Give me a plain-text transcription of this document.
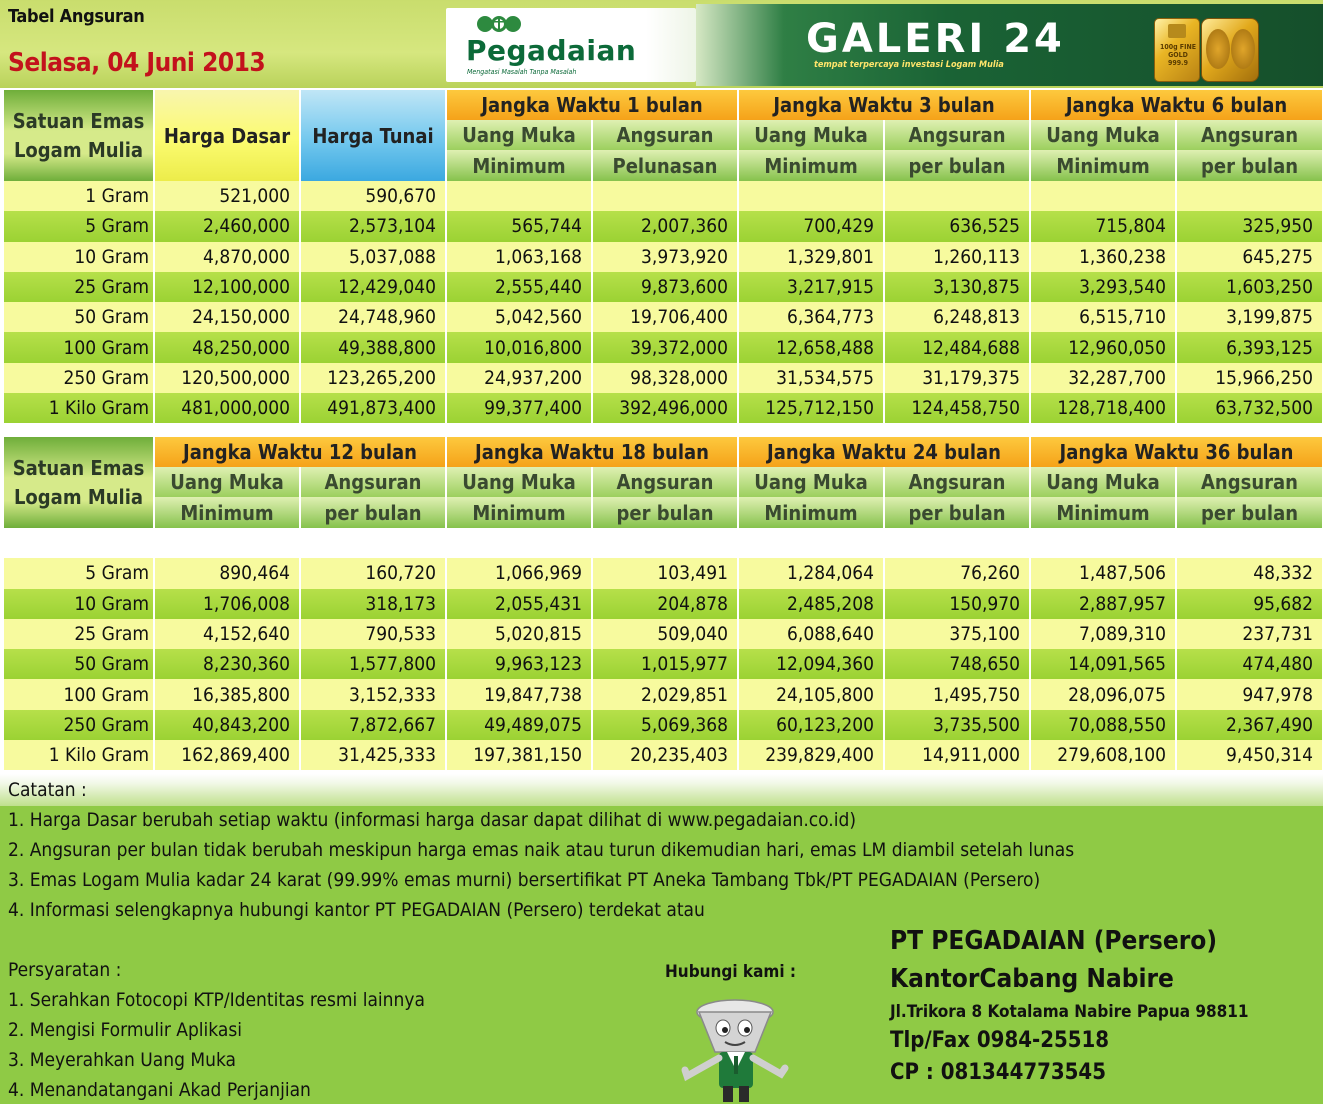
Tabel Angsuran
Selasa, 04 Juni 2013	Pegadaian
Mengatasi Masalah Tanpa Masalah
GALERI 24
tempat terpercaya investasi Logam Mulia
100g FINE GOLD 999.9
Satuan Emas
Logam Mulia	Harga Dasar	Harga Tunai	Jangka Waktu 1 bulan		Jangka Waktu 3 bulan		Jangka Waktu 6 bulan	
			Uang Muka	Angsuran	Uang Muka	Angsuran	Uang Muka	Angsuran
			Minimum	Pelunasan	Minimum	per bulan	Minimum	per bulan
1 Gram	521,000	590,670						
5 Gram	2,460,000	2,573,104	565,744	2,007,360	700,429	636,525	715,804	325,950
10 Gram	4,870,000	5,037,088	1,063,168	3,973,920	1,329,801	1,260,113	1,360,238	645,275
25 Gram	12,100,000	12,429,040	2,555,440	9,873,600	3,217,915	3,130,875	3,293,540	1,603,250
50 Gram	24,150,000	24,748,960	5,042,560	19,706,400	6,364,773	6,248,813	6,515,710	3,199,875
100 Gram	48,250,000	49,388,800	10,016,800	39,372,000	12,658,488	12,484,688	12,960,050	6,393,125
250 Gram	120,500,000	123,265,200	24,937,200	98,328,000	31,534,575	31,179,375	32,287,700	15,966,250
1 Kilo Gram	481,000,000	491,873,400	99,377,400	392,496,000	125,712,150	124,458,750	128,718,400	63,732,500
Satuan Emas
Logam Mulia	Jangka Waktu 12 bulan		Jangka Waktu 18 bulan		Jangka Waktu 24 bulan		Jangka Waktu 36 bulan	
	Uang Muka	Angsuran	Uang Muka	Angsuran	Uang Muka	Angsuran	Uang Muka	Angsuran
	Minimum	per bulan	Minimum	per bulan	Minimum	per bulan	Minimum	per bulan

5 Gram	890,464	160,720	1,066,969	103,491	1,284,064	76,260	1,487,506	48,332
10 Gram	1,706,008	318,173	2,055,431	204,878	2,485,208	150,970	2,887,957	95,682
25 Gram	4,152,640	790,533	5,020,815	509,040	6,088,640	375,100	7,089,310	237,731
50 Gram	8,230,360	1,577,800	9,963,123	1,015,977	12,094,360	748,650	14,091,565	474,480
100 Gram	16,385,800	3,152,333	19,847,738	2,029,851	24,105,800	1,495,750	28,096,075	947,978
250 Gram	40,843,200	7,872,667	49,489,075	5,069,368	60,123,200	3,735,500	70,088,550	2,367,490
1 Kilo Gram	162,869,400	31,425,333	197,381,150	20,235,403	239,829,400	14,911,000	279,608,100	9,450,314
Catatan :
1. Harga Dasar berubah setiap waktu (informasi harga dasar dapat dilihat di www.pegadaian.co.id)
2. Angsuran per bulan tidak berubah meskipun harga emas naik atau turun dikemudian hari, emas LM diambil setelah lunas
3. Emas Logam Mulia kadar 24 karat (99.99% emas murni) bersertifikat PT Aneka Tambang Tbk/PT PEGADAIAN (Persero)
4. Informasi selengkapnya hubungi kantor PT PEGADAIAN (Persero) terdekat atau
Persyaratan :
1. Serahkan Fotocopi KTP/Identitas resmi lainnya
2. Mengisi Formulir Aplikasi
3. Meyerahkan Uang Muka
4. Menandatangani Akad Perjanjian
Hubungi kami :
PT PEGADAIAN (Persero)
KantorCabang Nabire
Jl.Trikora 8 Kotalama Nabire Papua 98811
Tlp/Fax 0984-25518
CP : 081344773545
